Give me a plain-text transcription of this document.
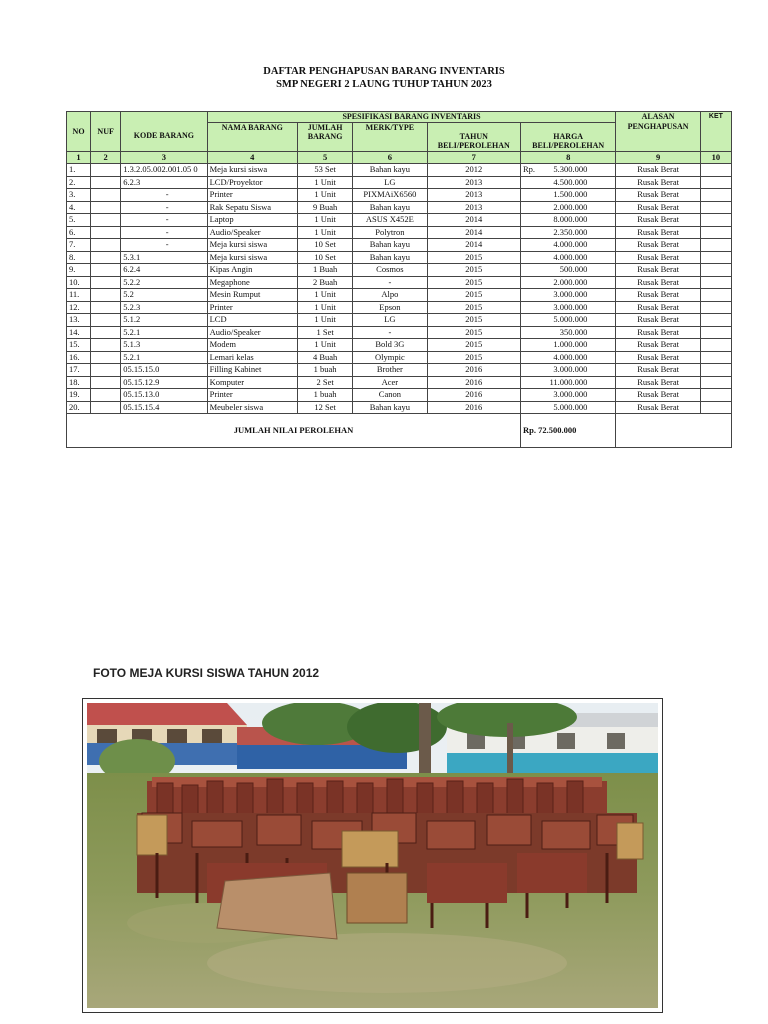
DAFTAR PENGHAPUSAN BARANG INVENTARIS
SMP NEGERI 2 LAUNG TUHUP TAHUN 2023
NO	NUF	KODE BARANG	SPESIFIKASI BARANG INVENTARIS					ALASAN PENGHAPUSAN	KET
			NAMA BARANG	JUMLAH BARANG	MERK/TYPE	TAHUN BELI/PEROLEHAN	HARGA BELI/PEROLEHAN		
1	2	3	4	5	6	7	8	9	10
1.		1.3.2.05.002.001.05 0	Meja kursi siswa	53 Set	Bahan kayu	2012	Rp. 5.300.000	Rusak Berat	
2.		6.2.3	LCD/Proyektor	1 Unit	LG	2013	4.500.000	Rusak Berat	
3.		-	Printer	1 Unit	PIXMAiX6560	2013	1.500.000	Rusak Berat	
4.		-	Rak Sepatu Siswa	9 Buah	Bahan kayu	2013	2.000.000	Rusak Berat	
5.		-	Laptop	1 Unit	ASUS X452E	2014	8.000.000	Rusak Berat	
6.		-	Audio/Speaker	1 Unit	Polytron	2014	2.350.000	Rusak Berat	
7.		-	Meja kursi siswa	10 Set	Bahan kayu	2014	4.000.000	Rusak Berat	
8.		5.3.1	Meja kursi siswa	10 Set	Bahan kayu	2015	4.000.000	Rusak Berat	
9.		6.2.4	Kipas Angin	1 Buah	Cosmos	2015	500.000	Rusak Berat	
10.		5.2.2	Megaphone	2 Buah	-	2015	2.000.000	Rusak Berat	
11.		5.2	Mesin Rumput	1 Unit	Alpo	2015	3.000.000	Rusak Berat	
12.		5.2.3	Printer	1 Unit	Epson	2015	3.000.000	Rusak Berat	
13.		5.1.2	LCD	1 Unit	LG	2015	5.000.000	Rusak Berat	
14.		5.2.1	Audio/Speaker	1 Set	-	2015	350.000	Rusak Berat	
15.		5.1.3	Modem	1 Unit	Bold 3G	2015	1.000.000	Rusak Berat	
16.		5.2.1	Lemari kelas	4 Buah	Olympic	2015	4.000.000	Rusak Berat	
17.		05.15.15.0	Filling Kabinet	1 buah	Brother	2016	3.000.000	Rusak Berat	
18.		05.15.12.9	Komputer	2 Set	Acer	2016	11.000.000	Rusak Berat	
19.		05.15.13.0	Printer	1 buah	Canon	2016	3.000.000	Rusak Berat	
20.		05.15.15.4	Meubeler siswa	12 Set	Bahan kayu	2016	5.000.000	Rusak Berat	
JUMLAH NILAI PEROLEHAN							Rp. 72.500.000		
FOTO MEJA KURSI SISWA TAHUN 2012
